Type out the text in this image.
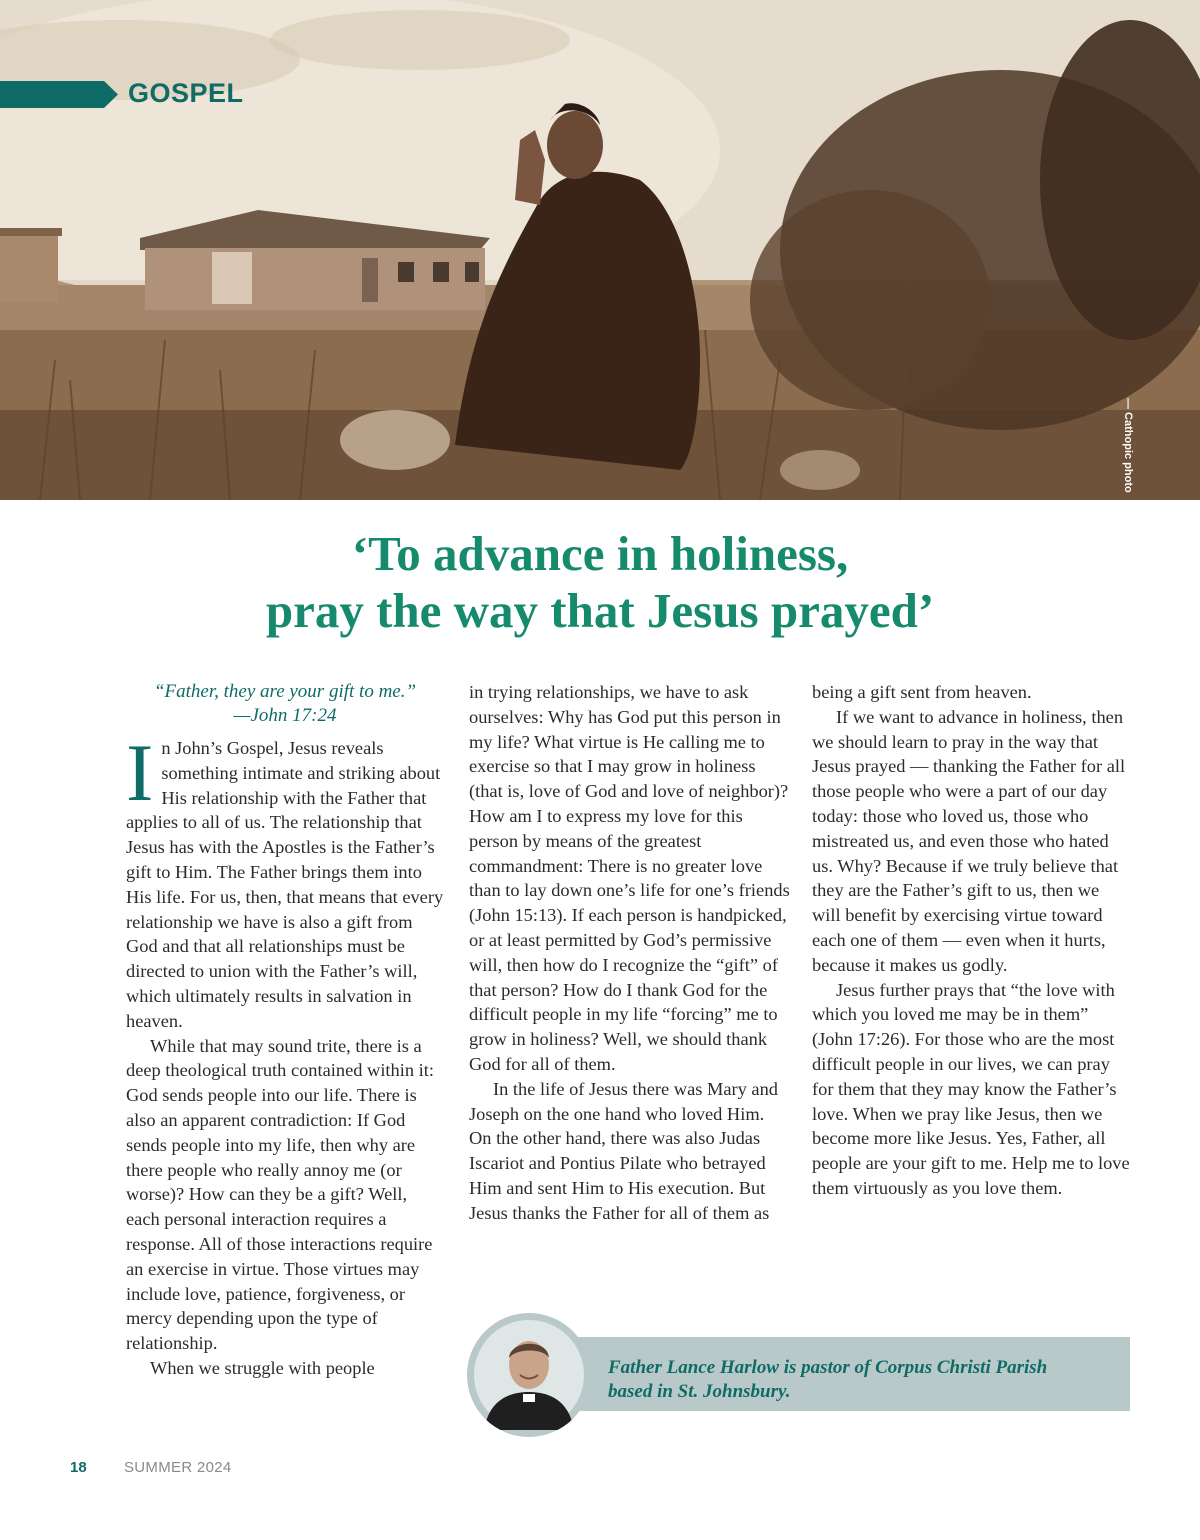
GOSPEL
— Cathopic photo
‘To advance in holiness,
pray the way that Jesus prayed’
“Father, they are your gift to me.”
—John 17:24

In John’s Gospel, Jesus reveals something intimate and striking about His relationship with the Father that applies to all of us. The relationship that Jesus has with the Apostles is the Father’s gift to Him. The Father brings them into His life. For us, then, that means that every relationship we have is also a gift from God and that all relationships must be directed to union with the Father’s will, which ultimately results in salvation in heaven.

While that may sound trite, there is a deep theological truth contained within it: God sends people into our life. There is also an apparent contradiction: If God sends people into my life, then why are there people who really annoy me (or worse)? How can they be a gift? Well, each personal interaction requires a response. All of those interactions require an exercise in virtue. Those virtues may include love, patience, forgiveness, or mercy depending upon the type of relationship.

When we struggle with people

in trying relationships, we have to ask ourselves: Why has God put this person in my life? What virtue is He calling me to exercise so that I may grow in holiness (that is, love of God and love of neighbor)? How am I to express my love for this person by means of the greatest commandment: There is no greater love than to lay down one’s life for one’s friends (John 15:13). If each person is handpicked, or at least permitted by God’s permissive will, then how do I recognize the “gift” of that person? How do I thank God for the difficult people in my life “forcing” me to grow in holiness? Well, we should thank God for all of them.

In the life of Jesus there was Mary and Joseph on the one hand who loved Him. On the other hand, there was also Judas Iscariot and Pontius Pilate who betrayed Him and sent Him to His execution. But Jesus thanks the Father for all of them as

being a gift sent from heaven.

If we want to advance in holiness, then we should learn to pray in the way that Jesus prayed — thanking the Father for all those people who were a part of our day today: those who loved us, those who mistreated us, and even those who hated us. Why? Because if we truly believe that they are the Father’s gift to us, then we will benefit by exercising virtue toward each one of them — even when it hurts, because it makes us godly.

Jesus further prays that “the love with which you loved me may be in them” (John 17:26). For those who are the most difficult people in our lives, we can pray for them that they may know the Father’s love. When we pray like Jesus, then we become more like Jesus. Yes, Father, all people are your gift to me. Help me to love them virtuously as you love them.

Father Lance Harlow is pastor of Corpus Christi Parish based in St. Johnsbury.
18 SUMMER 2024
